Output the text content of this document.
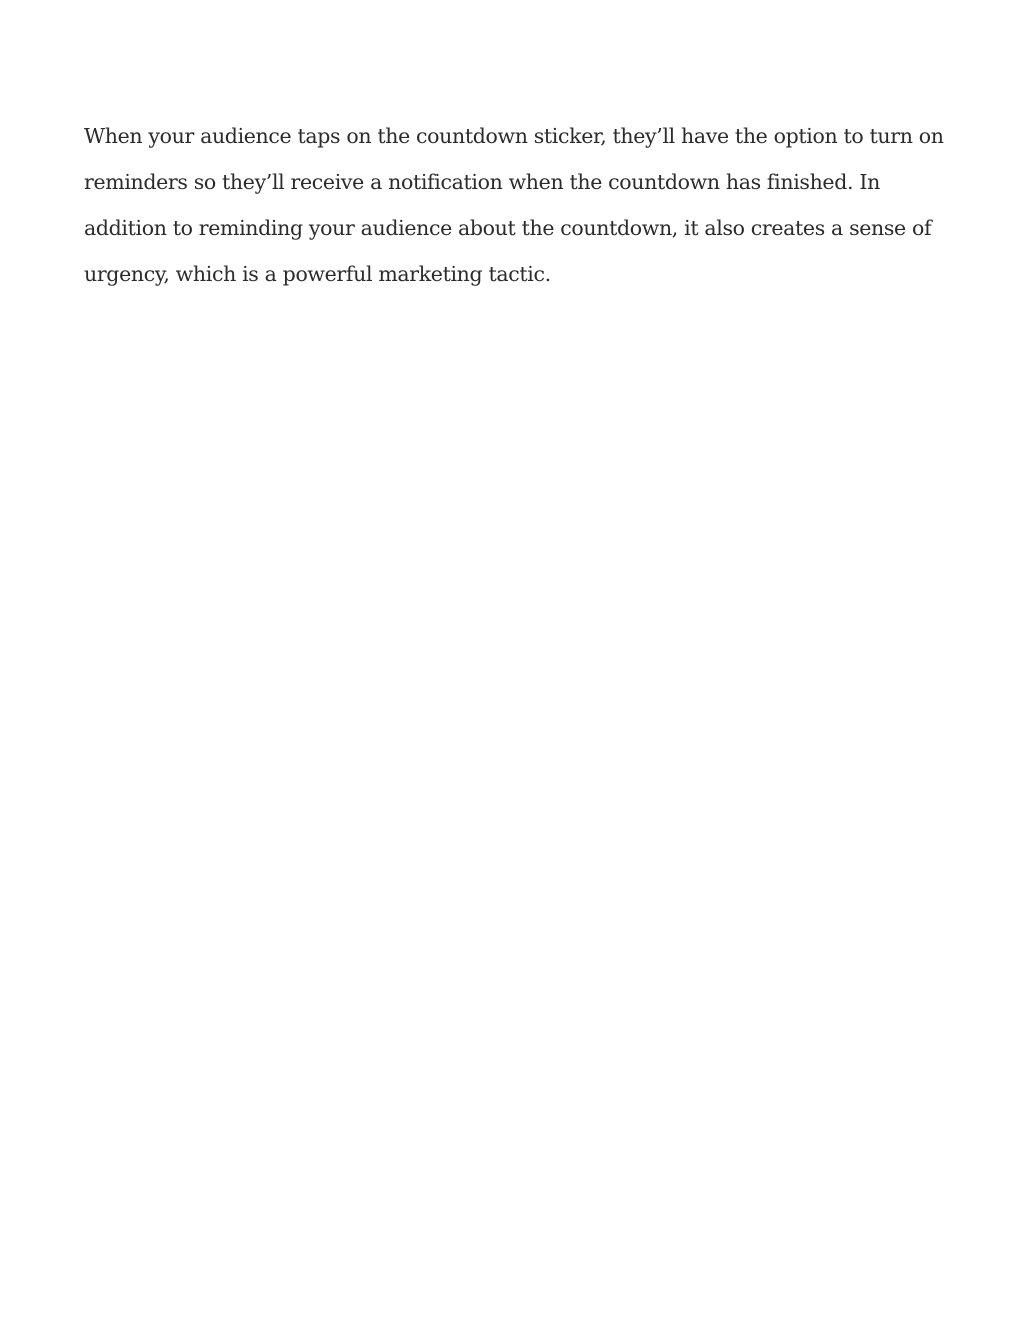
When your audience taps on the countdown sticker, they’ll have the option to turn on
reminders so they’ll receive a notification when the countdown has finished. In
addition to reminding your audience about the countdown, it also creates a sense of
urgency, which is a powerful marketing tactic.
